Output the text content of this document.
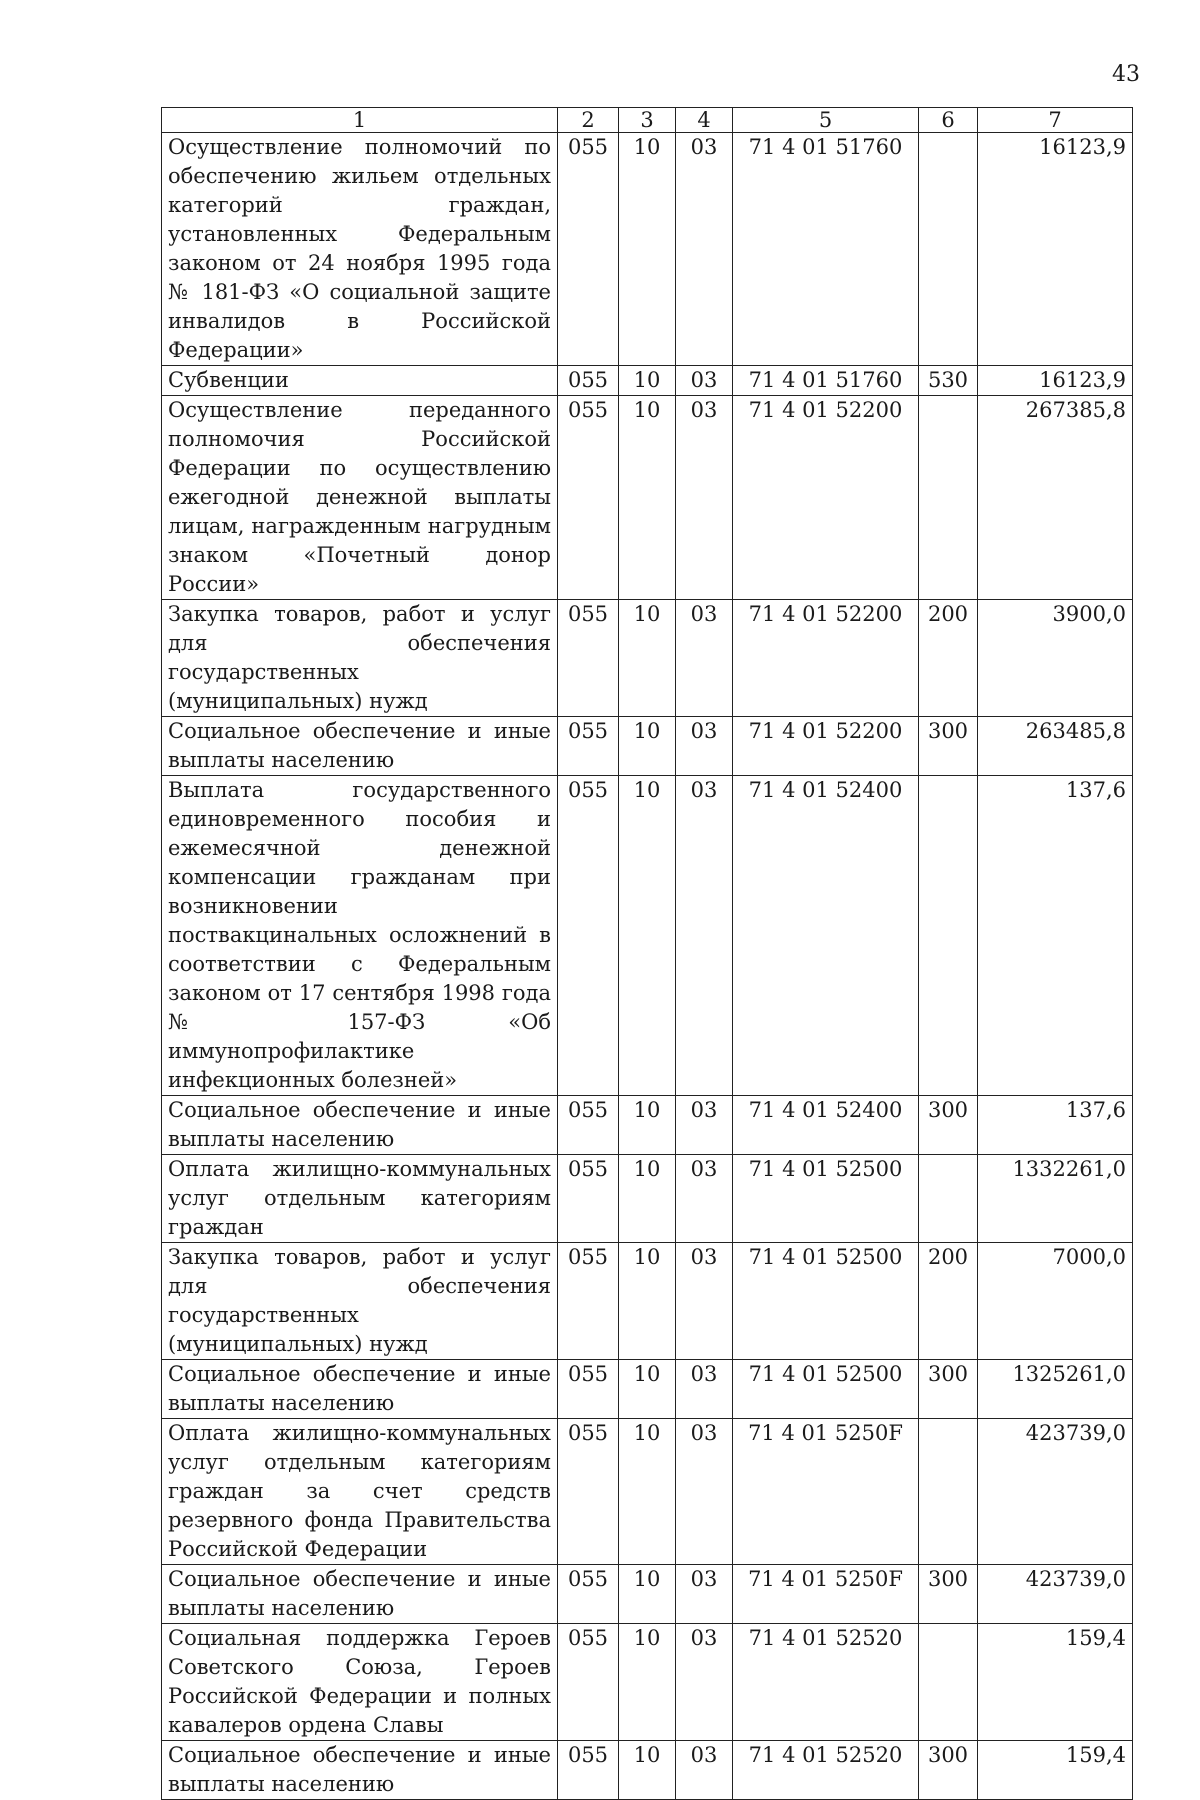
43
1	2	3	4	5	6	7
Осуществление полномочий по обеспечению жильем отдельных категорий граждан, установленных Федеральным законом от 24 ноября 1995 года № 181-ФЗ «О социальной защите инвалидов в Российской Федерации»	055	10	03	71 4 01 51760		16123,9
Субвенции	055	10	03	71 4 01 51760	530	16123,9
Осуществление переданного полномочия Российской Федерации по осуществлению ежегодной денежной выплаты лицам, награжденным нагрудным знаком «Почетный донор России»	055	10	03	71 4 01 52200		267385,8
Закупка товаров, работ и услуг для обеспечения государственных (муниципальных) нужд	055	10	03	71 4 01 52200	200	3900,0
Социальное обеспечение и иные выплаты населению	055	10	03	71 4 01 52200	300	263485,8
Выплата государственного единовременного пособия и ежемесячной денежной компенсации гражданам при возникновении поствакцинальных осложнений в соответствии с Федеральным законом от 17 сентября 1998 года № 157-ФЗ «Об иммунопрофилактике инфекционных болезней»	055	10	03	71 4 01 52400		137,6
Социальное обеспечение и иные выплаты населению	055	10	03	71 4 01 52400	300	137,6
Оплата жилищно-коммунальных услуг отдельным категориям граждан	055	10	03	71 4 01 52500		1332261,0
Закупка товаров, работ и услуг для обеспечения государственных (муниципальных) нужд	055	10	03	71 4 01 52500	200	7000,0
Социальное обеспечение и иные выплаты населению	055	10	03	71 4 01 52500	300	1325261,0
Оплата жилищно-коммунальных услуг отдельным категориям граждан за счет средств резервного фонда Правительства Российской Федерации	055	10	03	71 4 01 5250F		423739,0
Социальное обеспечение и иные выплаты населению	055	10	03	71 4 01 5250F	300	423739,0
Социальная поддержка Героев Советского Союза, Героев Российской Федерации и полных кавалеров ордена Славы	055	10	03	71 4 01 52520		159,4
Социальное обеспечение и иные выплаты населению	055	10	03	71 4 01 52520	300	159,4
